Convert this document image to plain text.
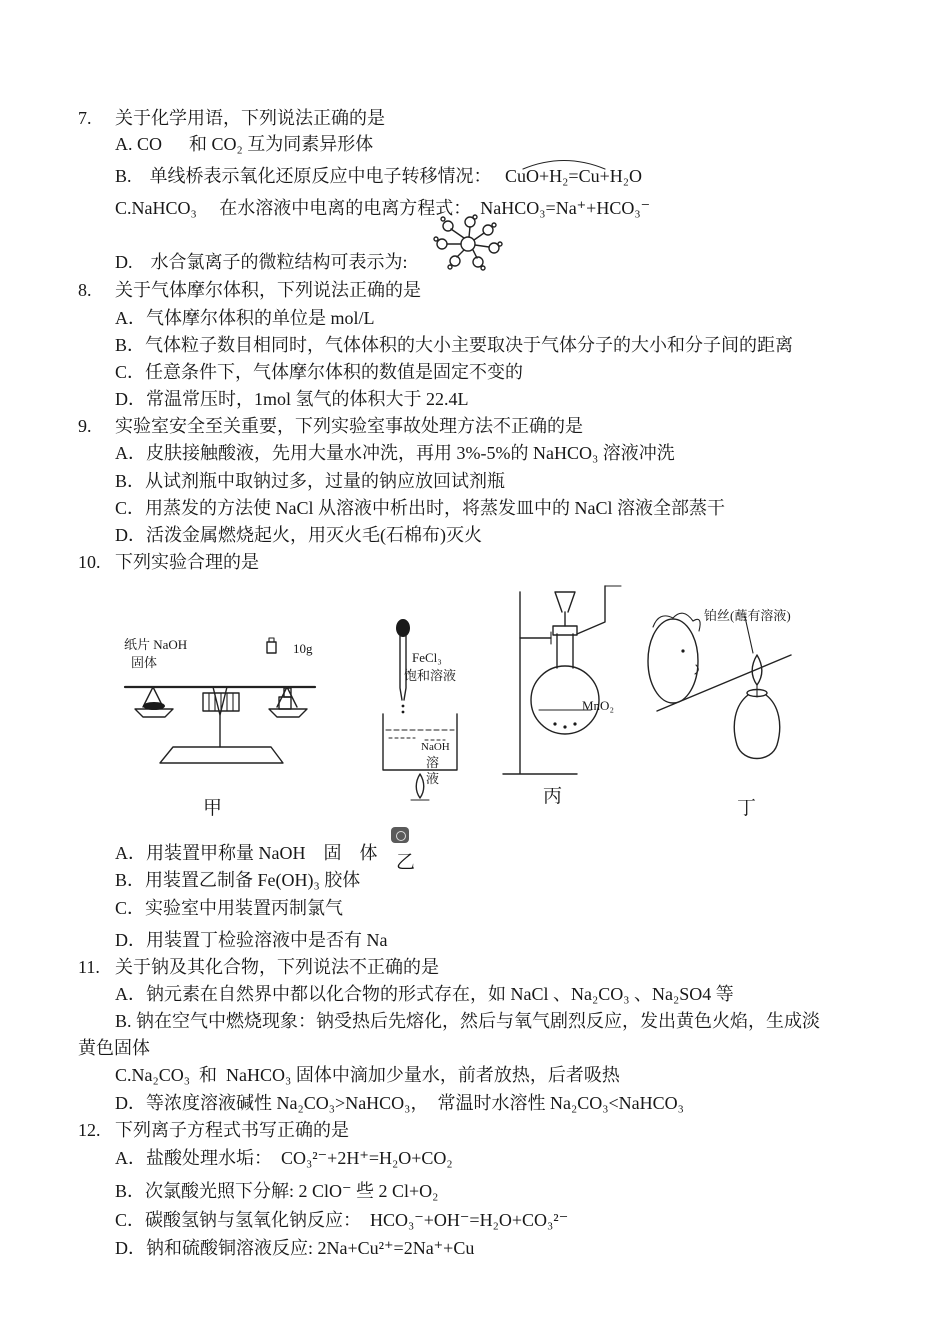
7. 关于化学用语，下列说法正确的是
A. CO      和 CO₂ 互为同素异形体
B.　单线桥表示氧化还原反应中电子转移情况：   CuO+H₂=Cu+H₂O
C.NaHCO₃     在水溶液中电离的电离方程式：  NaHCO₃=Na⁺+HCO₃⁻
D.　水合氯离子的微粒结构可表示为:
8. 关于气体摩尔体积，下列说法正确的是
A．气体摩尔体积的单位是 mol/L
B．气体粒子数目相同时，气体体积的大小主要取决于气体分子的大小和分子间的距离
C．任意条件下，气体摩尔体积的数值是固定不变的
D．常温常压时，1mol 氢气的体积大于 22.4L
9. 实验室安全至关重要，下列实验室事故处理方法不正确的是
A．皮肤接触酸液，先用大量水冲洗，再用 3%-5%的 NaHCO₃ 溶液冲洗
B．从试剂瓶中取钠过多，过量的钠应放回试剂瓶
C．用蒸发的方法使 NaCl 从溶液中析出时，将蒸发皿中的 NaCl 溶液全部蒸干
D．活泼金属燃烧起火，用灭火毛(石棉布)灭火
10. 下列实验合理的是
纸片 NaOH
固体
10g
甲
FeCl₃
饱和溶液
NaOH
溶
液
乙
MnO₂
丙
铂丝(蘸有溶液)
丁
A．用装置甲称量 NaOH　固　体
B．用装置乙制备 Fe(OH)₃ 胶体
C．实验室中用装置丙制氯气
D．用装置丁检验溶液中是否有 Na
11. 关于钠及其化合物，下列说法不正确的是
A．钠元素在自然界中都以化合物的形式存在，如 NaCl 、Na₂CO₃ 、Na₂SO4 等
B. 钠在空气中燃烧现象：钠受热后先熔化，然后与氧气剧烈反应，发出黄色火焰，生成淡
黄色固体
C.Na₂CO₃  和  NaHCO₃ 固体中滴加少量水，前者放热，后者吸热
D．等浓度溶液碱性 Na₂CO₃>NaHCO₃，  常温时水溶性 Na₂CO₃<NaHCO₃
12. 下列离子方程式书写正确的是
A．盐酸处理水垢：  CO₃²⁻+2H⁺=H₂O+CO₂
B．次氯酸光照下分解: 2 ClO⁻ 些 2 Cl+O₂
C．碳酸氢钠与氢氧化钠反应：  HCO₃⁻+OH⁻=H₂O+CO₃²⁻
D．钠和硫酸铜溶液反应: 2Na+Cu²⁺=2Na⁺+Cu
